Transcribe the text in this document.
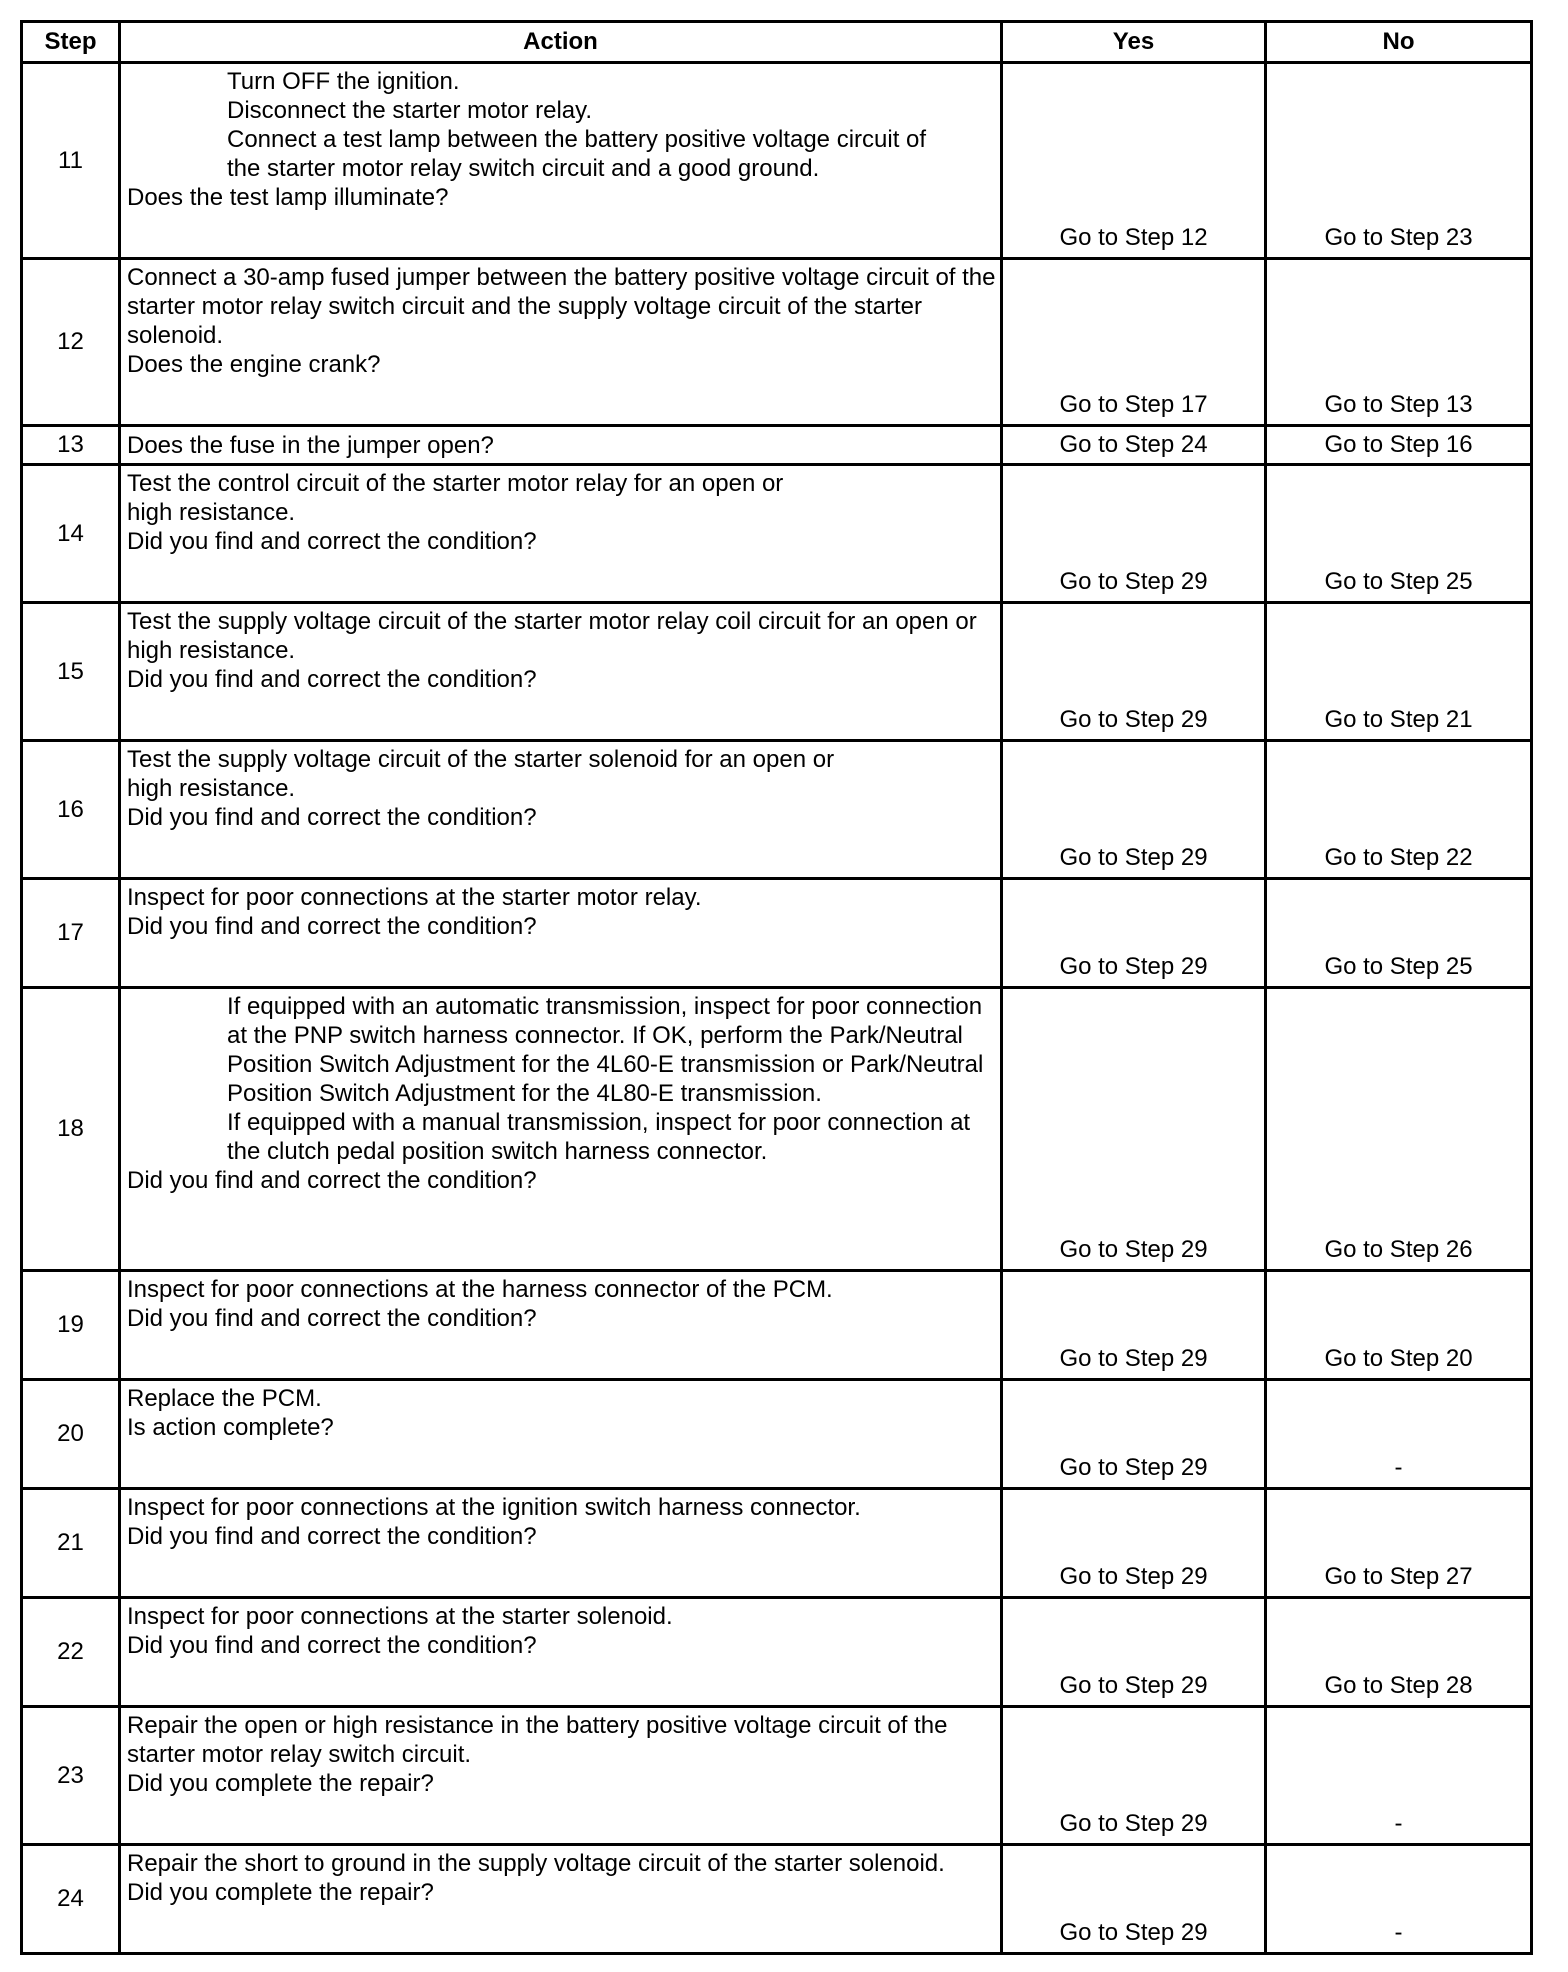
Step	Action	Yes	No
11	Turn OFF the ignition.
Disconnect the starter motor relay.
Connect a test lamp between the battery positive voltage circuit of the starter motor relay switch circuit and a good ground.
Does the test lamp illuminate?	Go to Step 12	Go to Step 23
12	Connect a 30-amp fused jumper between the battery positive voltage circuit of the starter motor relay switch circuit and the supply voltage circuit of the starter solenoid.
Does the engine crank?	Go to Step 17	Go to Step 13
13	Does the fuse in the jumper open?	Go to Step 24	Go to Step 16
14	Test the control circuit of the starter motor relay for an open or high resistance.
Did you find and correct the condition?	Go to Step 29	Go to Step 25
15	Test the supply voltage circuit of the starter motor relay coil circuit for an open or high resistance.
Did you find and correct the condition?	Go to Step 29	Go to Step 21
16	Test the supply voltage circuit of the starter solenoid for an open or high resistance.
Did you find and correct the condition?	Go to Step 29	Go to Step 22
17	Inspect for poor connections at the starter motor relay.
Did you find and correct the condition?	Go to Step 29	Go to Step 25
18	If equipped with an automatic transmission, inspect for poor connection at the PNP switch harness connector. If OK, perform the Park/Neutral Position Switch Adjustment for the 4L60-E transmission or Park/Neutral Position Switch Adjustment for the 4L80-E transmission.
If equipped with a manual transmission, inspect for poor connection at the clutch pedal position switch harness connector.
Did you find and correct the condition?	Go to Step 29	Go to Step 26
19	Inspect for poor connections at the harness connector of the PCM.
Did you find and correct the condition?	Go to Step 29	Go to Step 20
20	Replace the PCM.
Is action complete?	Go to Step 29	-
21	Inspect for poor connections at the ignition switch harness connector.
Did you find and correct the condition?	Go to Step 29	Go to Step 27
22	Inspect for poor connections at the starter solenoid.
Did you find and correct the condition?	Go to Step 29	Go to Step 28
23	Repair the open or high resistance in the battery positive voltage circuit of the starter motor relay switch circuit.
Did you complete the repair?	Go to Step 29	-
24	Repair the short to ground in the supply voltage circuit of the starter solenoid.
Did you complete the repair?	Go to Step 29	-
